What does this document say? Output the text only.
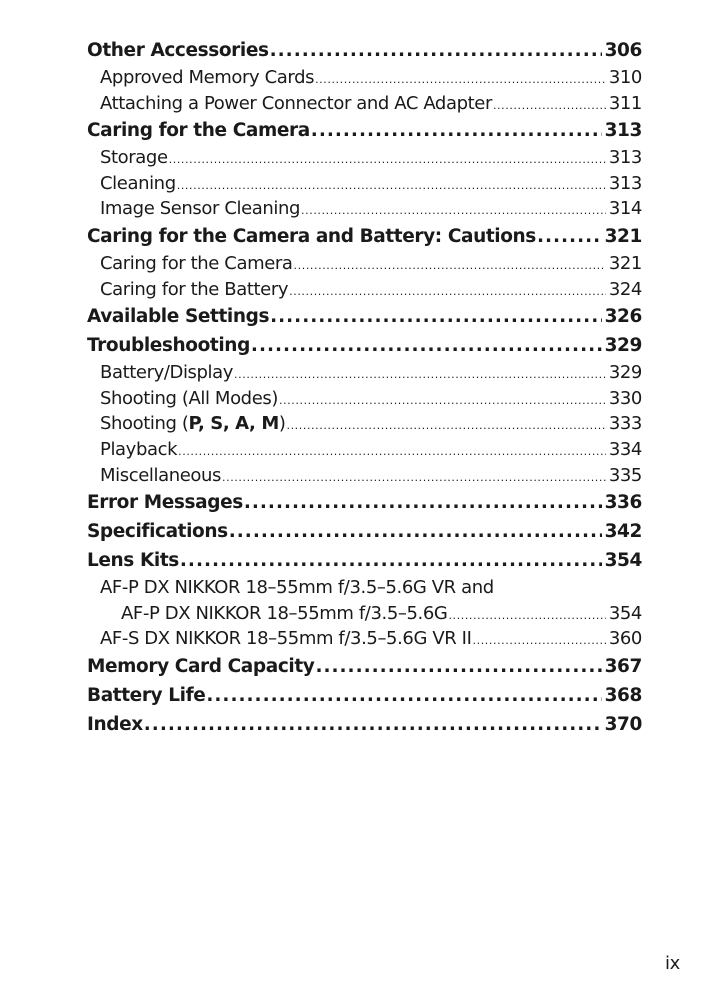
Other Accessories .....	306
Approved Memory Cards .....	310
Attaching a Power Connector and AC Adapter .....	311
Caring for the Camera .....	313
Storage .....	313
Cleaning .....	313
Image Sensor Cleaning .....	314
Caring for the Camera and Battery: Cautions .....	321
Caring for the Camera .....	321
Caring for the Battery .....	324
Available Settings .....	326
Troubleshooting .....	329
Battery/Display .....	329
Shooting (All Modes) .....	330
Shooting (P, S, A, M) .....	333
Playback .....	334
Miscellaneous .....	335
Error Messages .....	336
Specifications .....	342
Lens Kits .....	354
AF-P DX NIKKOR 18–55mm f/3.5–5.6G VR and
AF-P DX NIKKOR 18–55mm f/3.5–5.6G .....	354
AF-S DX NIKKOR 18–55mm f/3.5–5.6G VR II .....	360
Memory Card Capacity .....	367
Battery Life .....	368
Index .....	370
ix
